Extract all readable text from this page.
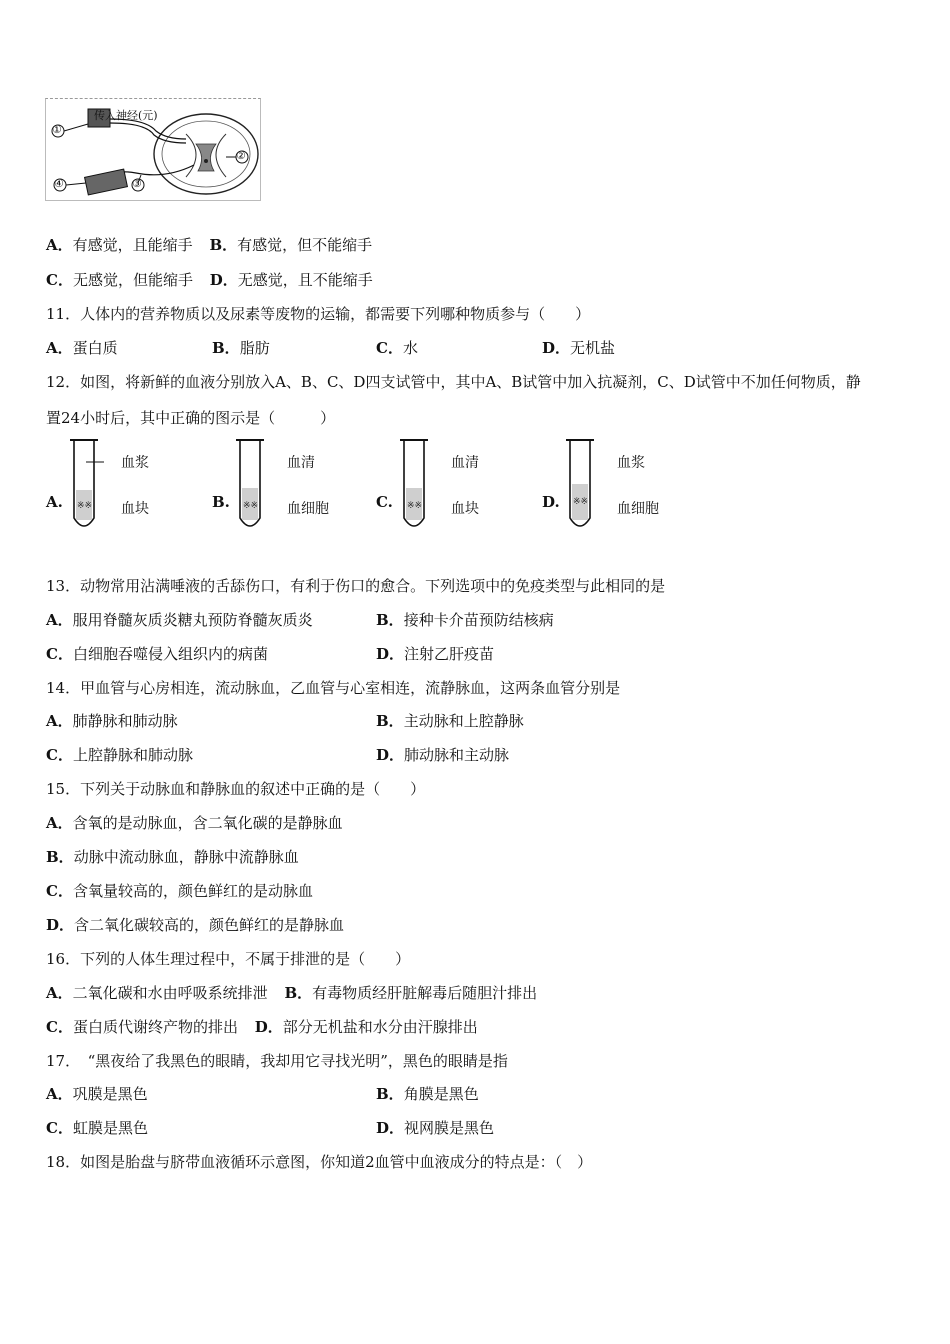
传入神经(元)
①
②
③
④
A．有感觉，且能缩手 B．有感觉，但不能缩手
C．无感觉，但能缩手 D．无感觉，且不能缩手
11．人体内的营养物质以及尿素等废物的运输，都需要下列哪种物质参与（　　）
A．蛋白质	B．脂肪	C．水	D．无机盐
12．如图，将新鲜的血液分别放入A、B、C、D四支试管中，其中A、B试管中加入抗凝剂，C、D试管中不加任何物质，静
置24小时后，其中正确的图示是（　　　）
A. ※※
血浆
血块	B. ※※
血清
血细胞	C. ※※
血清
血块	D. ※※
血浆
血细胞
13．动物常用沾满唾液的舌舔伤口，有利于伤口的愈合。下列选项中的免疫类型与此相同的是
A．服用脊髓灰质炎糖丸预防脊髓灰质炎	B．接种卡介苗预防结核病
C．白细胞吞噬侵入组织内的病菌	D．注射乙肝疫苗
14．甲血管与心房相连，流动脉血，乙血管与心室相连，流静脉血，这两条血管分别是
A．肺静脉和肺动脉	B．主动脉和上腔静脉
C．上腔静脉和肺动脉	D．肺动脉和主动脉
15．下列关于动脉血和静脉血的叙述中正确的是（　　）
A．含氧的是动脉血，含二氧化碳的是静脉血
B．动脉中流动脉血，静脉中流静脉血
C．含氧量较高的，颜色鲜红的是动脉血
D．含二氧化碳较高的，颜色鲜红的是静脉血
16．下列的人体生理过程中，不属于排泄的是（　　）
A．二氧化碳和水由呼吸系统排泄 B．有毒物质经肝脏解毒后随胆汁排出
C．蛋白质代谢终产物的排出 D．部分无机盐和水分由汗腺排出
17．　“黑夜给了我黑色的眼睛，我却用它寻找光明”，黑色的眼睛是指
A．巩膜是黑色	B．角膜是黑色
C．虹膜是黑色	D．视网膜是黑色
18．如图是胎盘与脐带血液循环示意图，你知道2血管中血液成分的特点是：（　）
